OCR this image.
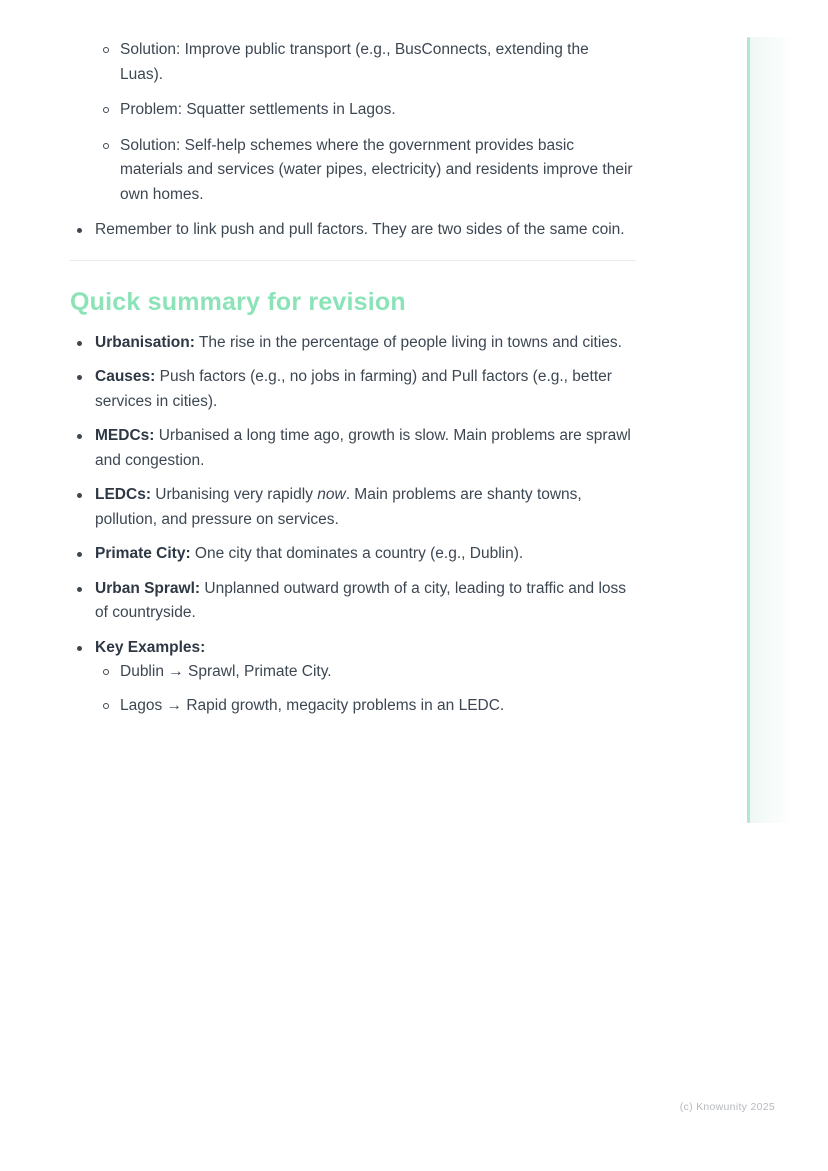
Solution: Improve public transport (e.g., BusConnects, extending the Luas).
Problem: Squatter settlements in Lagos.
Solution: Self-help schemes where the government provides basic materials and services (water pipes, electricity) and residents improve their own homes.
Remember to link push and pull factors. They are two sides of the same coin.
Quick summary for revision
Urbanisation: The rise in the percentage of people living in towns and cities.
Causes: Push factors (e.g., no jobs in farming) and Pull factors (e.g., better services in cities).
MEDCs: Urbanised a long time ago, growth is slow. Main problems are sprawl and congestion.
LEDCs: Urbanising very rapidly now. Main problems are shanty towns, pollution, and pressure on services.
Primate City: One city that dominates a country (e.g., Dublin).
Urban Sprawl: Unplanned outward growth of a city, leading to traffic and loss of countryside.
Key Examples:
Dublin → Sprawl, Primate City.
Lagos → Rapid growth, megacity problems in an LEDC.
(c) Knowunity 2025
